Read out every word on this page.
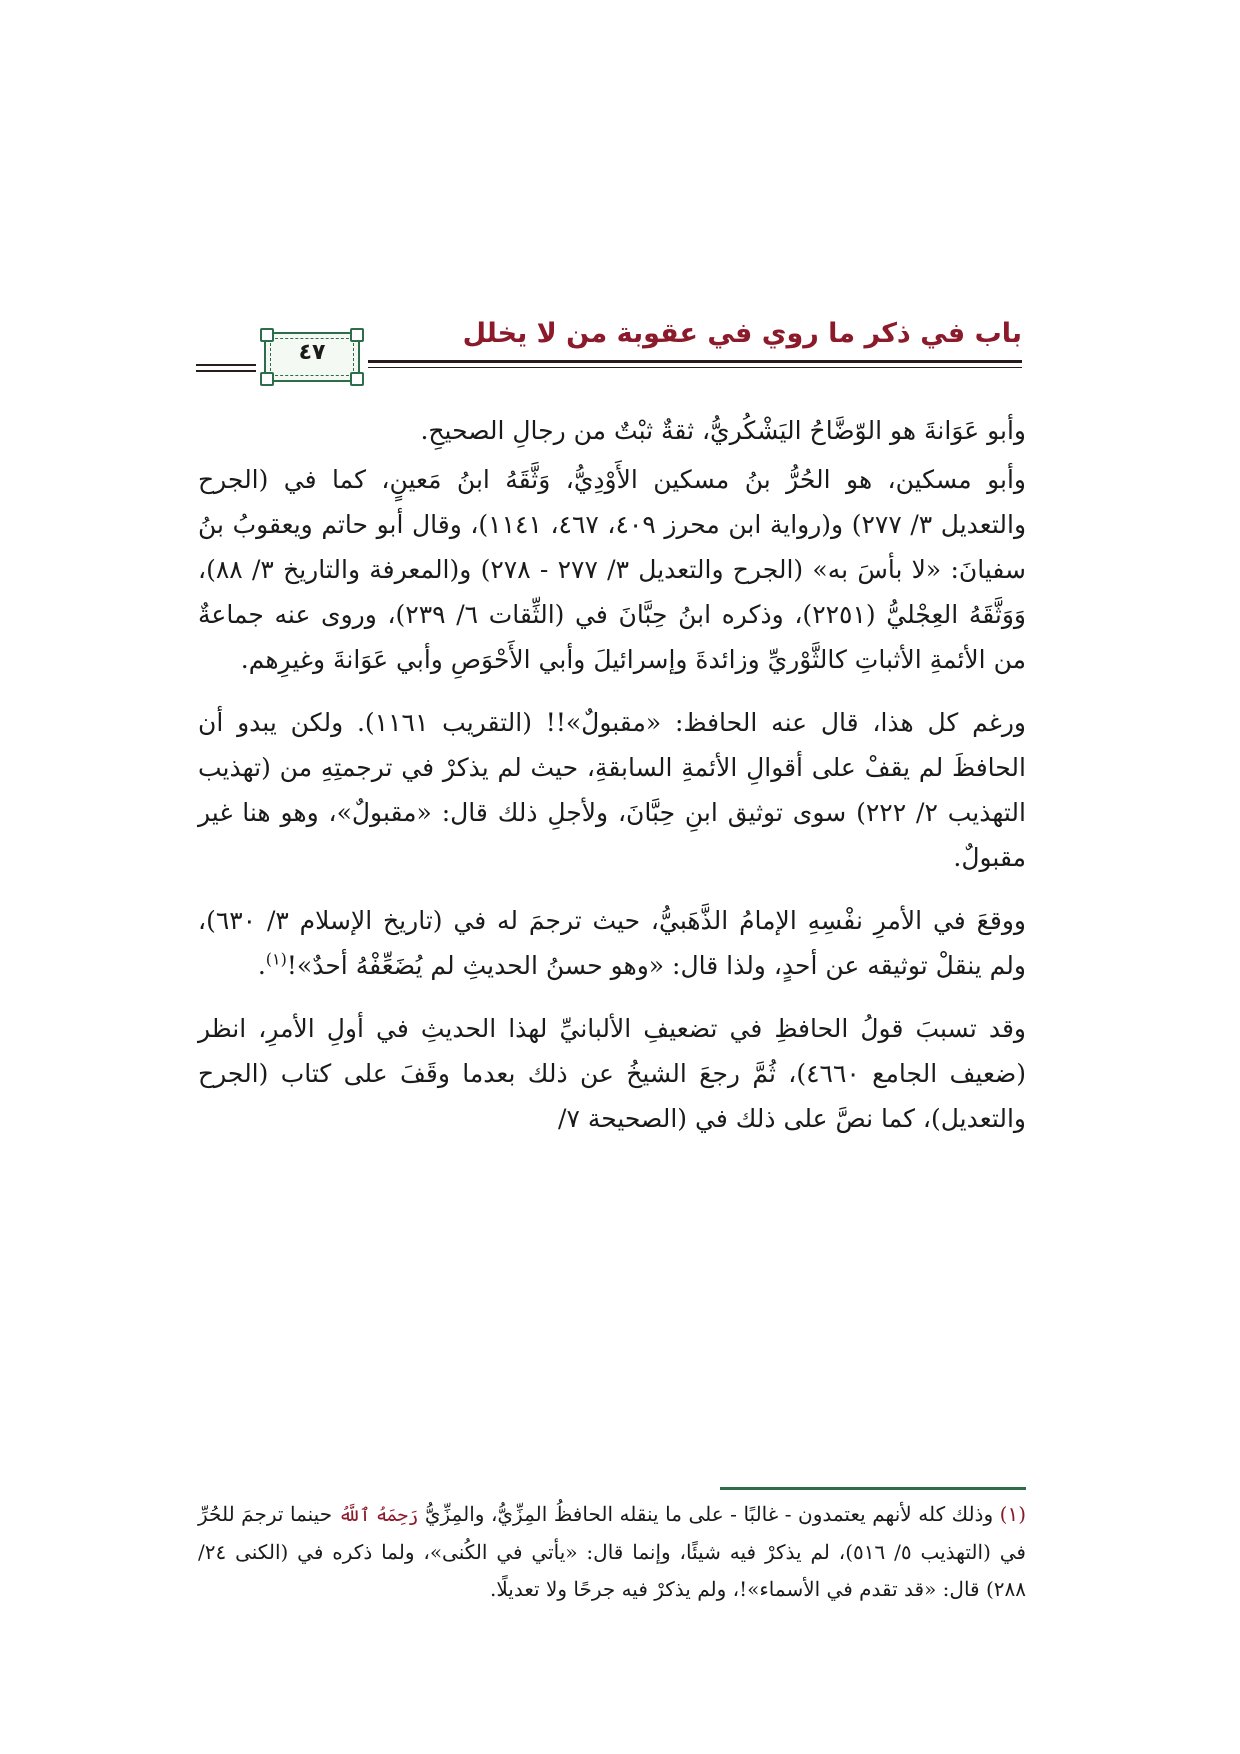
باب في ذكر ما روي في عقوبة من لا يخلل
٤٧

وأبو عَوَانةَ هو الوّضَّاحُ اليَشْكُريُّ، ثقةٌ ثبْتٌ من رجالِ الصحيحِ.

وأبو مسكين، هو الحُرُّ بنُ مسكين الأَوْدِيُّ، وَثَّقَهُ ابنُ مَعينٍ، كما في (الجرح والتعديل ٣/ ٢٧٧) و(رواية ابن محرز ٤٠٩، ٤٦٧، ١١٤١)، وقال أبو حاتم ويعقوبُ بنُ سفيانَ: «لا بأسَ به» (الجرح والتعديل ٣/ ٢٧٧ - ٢٧٨) و(المعرفة والتاريخ ٣/ ٨٨)، وَوَثَّقَهُ العِجْليُّ (٢٢٥١)، وذكره ابنُ حِبَّانَ في (الثِّقات ٦/ ٢٣٩)، وروى عنه جماعةٌ من الأئمةِ الأثباتِ كالثَّوْريِّ وزائدةَ وإسرائيلَ وأبي الأَحْوَصِ وأبي عَوَانةَ وغيرِهم.

ورغم كل هذا، قال عنه الحافظ: «مقبولٌ»!! (التقريب ١١٦١). ولكن يبدو أن الحافظَ لم يقفْ على أقوالِ الأئمةِ السابقةِ، حيث لم يذكرْ في ترجمتِهِ من (تهذيب التهذيب ٢/ ٢٢٢) سوى توثيق ابنِ حِبَّانَ، ولأجلِ ذلك قال: «مقبولٌ»، وهو هنا غير مقبولٌ.

ووقعَ في الأمرِ نفْسِهِ الإمامُ الذَّهَبيُّ، حيث ترجمَ له في (تاريخ الإسلام ٣/ ٦٣٠)، ولم ينقلْ توثيقه عن أحدٍ، ولذا قال: «وهو حسنُ الحديثِ لم يُضَعِّفْهُ أحدٌ»!$^{(١)}$.

وقد تسببَ قولُ الحافظِ في تضعيفِ الألبانيِّ لهذا الحديثِ في أولِ الأمرِ، انظر (ضعيف الجامع ٤٦٦٠)، ثُمَّ رجعَ الشيخُ عن ذلك بعدما وقَفَ على كتاب (الجرح والتعديل)، كما نصَّ على ذلك في (الصحيحة ٧/

(١) وذلك كله لأنهم يعتمدون - غالبًا - على ما ينقله الحافظُ المِزِّيُّ، والمِزِّيُّ رَحِمَهُ ٱللَّهُ حينما ترجمَ للحُرِّ في (التهذيب ٥/ ٥١٦)، لم يذكرْ فيه شيئًا، وإنما قال: «يأتي في الكُنى»، ولما ذكره في (الكنى ٢٤/ ٢٨٨) قال: «قد تقدم في الأسماء»!، ولم يذكرْ فيه جرحًا ولا تعديلًا.
